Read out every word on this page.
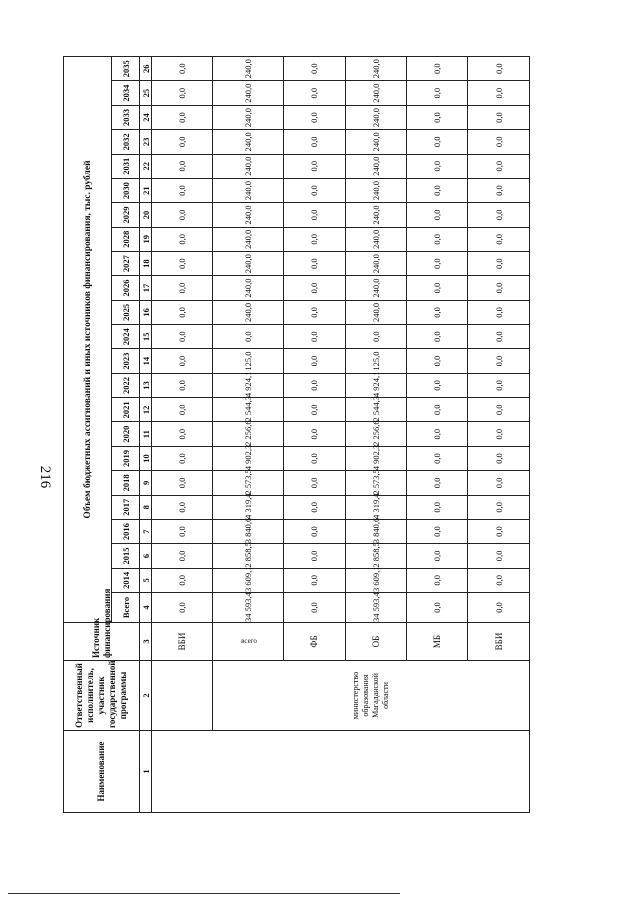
216
Наименование	Ответственный исполнитель, участник государственной программы	Источник финансирования	Объем бюджетных ассигнований и иных источников финансирования, тыс. рублей																						
			Всего	2014	2015	2016	2017	2018	2019	2020	2021	2022	2023	2024	2025	2026	2027	2028	2029	2030	2031	2032	2033	2034	2035
1	2	3	4	5	6	7	8	9	10	11	12	13	14	15	16	17	18	19	20	21	22	23	24	25	26
		ВБИ	0,0	0,0	0,0	0,0	0,0	0,0	0,0	0,0	0,0	0,0	0,0	0,0	0,0	0,0	0,0	0,0	0,0	0,0	0,0	0,0	0,0	0,0	0,0
	министерство образования Магаданской области	всего	34 593,4	3 609,1	2 858,5	3 840,6	4 319,4	2 573,5	4 902,3	2 256,6	2 544,3	4 924,1	125,0	0,0	240,0	240,0	240,0	240,0	240,0	240,0	240,0	240,0	240,0	240,0	240,0
		ФБ	0,0	0,0	0,0	0,0	0,0	0,0	0,0	0,0	0,0	0,0	0,0	0,0	0,0	0,0	0,0	0,0	0,0	0,0	0,0	0,0	0,0	0,0	0,0
		ОБ	34 593,4	3 609,1	2 858,5	3 840,6	4 319,4	2 573,5	4 902,3	2 256,6	2 544,3	4 924,1	125,0	0,0	240,0	240,0	240,0	240,0	240,0	240,0	240,0	240,0	240,0	240,0	240,0
		МБ	0,0	0,0	0,0	0,0	0,0	0,0	0,0	0,0	0,0	0,0	0,0	0,0	0,0	0,0	0,0	0,0	0,0	0,0	0,0	0,0	0,0	0,0	0,0
		ВБИ	0,0	0,0	0,0	0,0	0,0	0,0	0,0	0,0	0,0	0,0	0,0	0,0	0,0	0,0	0,0	0,0	0,0	0,0	0,0	0,0	0,0	0,0	0,0
